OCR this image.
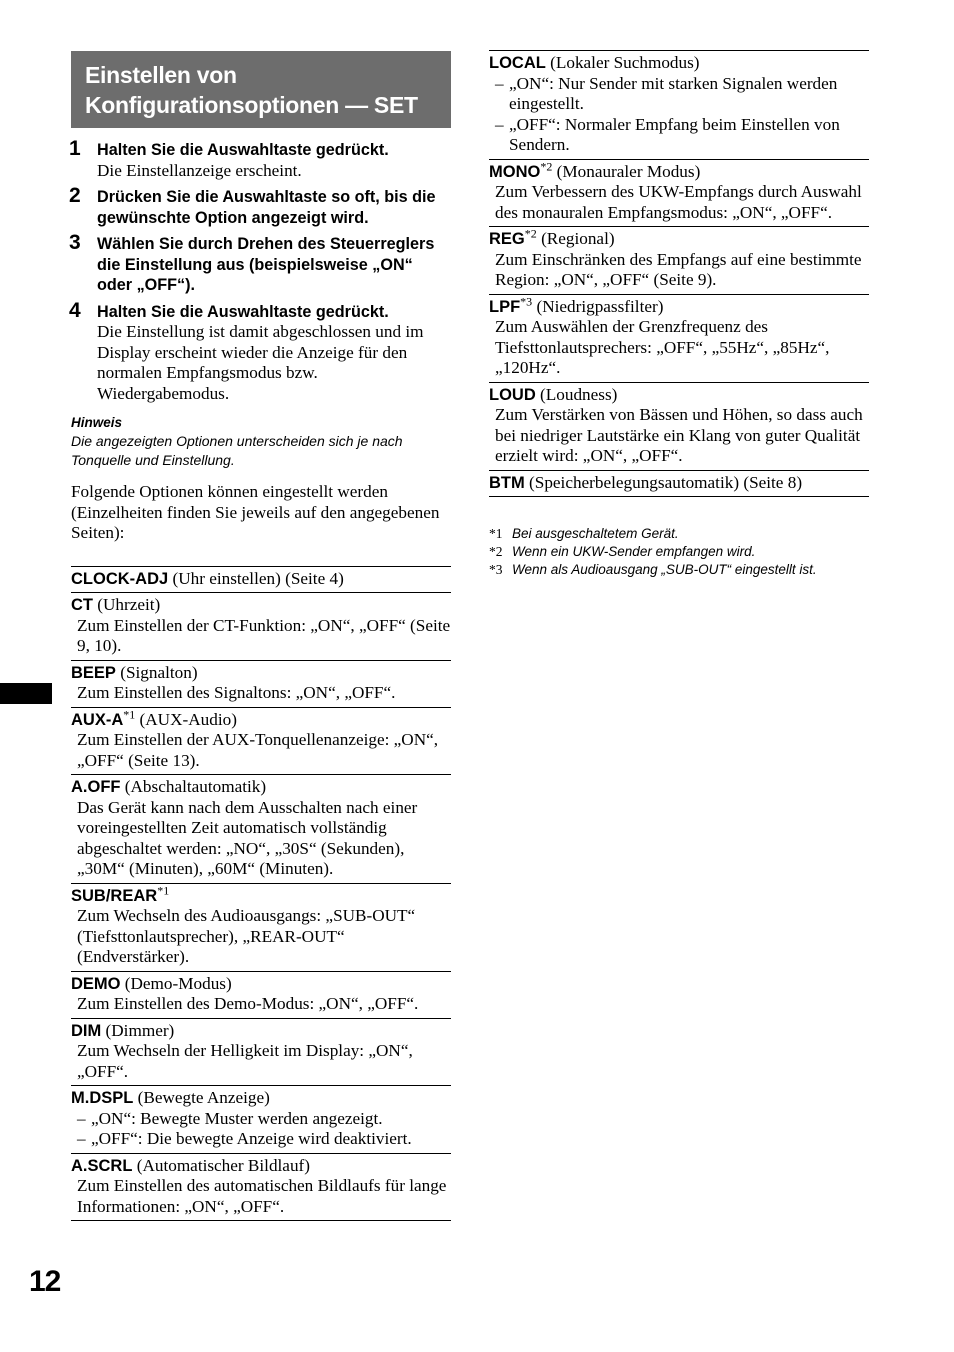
Einstellen von
Konfigurationsoptionen — SET
1 Halten Sie die Auswahltaste gedrückt.
Die Einstellanzeige erscheint.
2 Drücken Sie die Auswahltaste so oft, bis die gewünschte Option angezeigt wird.
3 Wählen Sie durch Drehen des Steuerreglers die Einstellung aus (beispielsweise „ON“ oder „OFF“).
4 Halten Sie die Auswahltaste gedrückt.
Die Einstellung ist damit abgeschlossen und im Display erscheint wieder die Anzeige für den normalen Empfangsmodus bzw. Wiedergabemodus.
Hinweis
Die angezeigten Optionen unterscheiden sich je nach Tonquelle und Einstellung.
Folgende Optionen können eingestellt werden (Einzelheiten finden Sie jeweils auf den angegebenen Seiten):
CLOCK-ADJ (Uhr einstellen) (Seite 4)
CT (Uhrzeit)
Zum Einstellen der CT-Funktion: „ON“, „OFF“ (Seite 9, 10).
BEEP (Signalton)
Zum Einstellen des Signaltons: „ON“, „OFF“.
AUX-A$^{*1}$ (AUX-Audio)
Zum Einstellen der AUX-Tonquellenanzeige: „ON“, „OFF“ (Seite 13).
A.OFF (Abschaltautomatik)
Das Gerät kann nach dem Ausschalten nach einer voreingestellten Zeit automatisch vollständig abgeschaltet werden: „NO“, „30S“ (Sekunden), „30M“ (Minuten), „60M“ (Minuten).
SUB/REAR$^{*1}$
Zum Wechseln des Audioausgangs: „SUB-OUT“ (Tiefsttonlautsprecher), „REAR-OUT“ (Endverstärker).
DEMO (Demo-Modus)
Zum Einstellen des Demo-Modus: „ON“, „OFF“.
DIM (Dimmer)
Zum Wechseln der Helligkeit im Display: „ON“, „OFF“.
M.DSPL (Bewegte Anzeige)
– „ON“: Bewegte Muster werden angezeigt.
– „OFF“: Die bewegte Anzeige wird deaktiviert.
A.SCRL (Automatischer Bildlauf)
Zum Einstellen des automatischen Bildlaufs für lange Informationen: „ON“, „OFF“.
LOCAL (Lokaler Suchmodus)
– „ON“: Nur Sender mit starken Signalen werden eingestellt.
– „OFF“: Normaler Empfang beim Einstellen von Sendern.
MONO$^{*2}$ (Monauraler Modus)
Zum Verbessern des UKW-Empfangs durch Auswahl des monauralen Empfangsmodus: „ON“, „OFF“.
REG$^{*2}$ (Regional)
Zum Einschränken des Empfangs auf eine bestimmte Region: „ON“, „OFF“ (Seite 9).
LPF$^{*3}$ (Niedrigpassfilter)
Zum Auswählen der Grenzfrequenz des Tiefsttonlautsprechers: „OFF“, „55Hz“, „85Hz“, „120Hz“.
LOUD (Loudness)
Zum Verstärken von Bässen und Höhen, so dass auch bei niedriger Lautstärke ein Klang von guter Qualität erzielt wird: „ON“, „OFF“.
BTM (Speicherbelegungsautomatik) (Seite 8)
*1 Bei ausgeschaltetem Gerät.
*2 Wenn ein UKW-Sender empfangen wird.
*3 Wenn als Audioausgang „SUB-OUT“ eingestellt ist.
12
